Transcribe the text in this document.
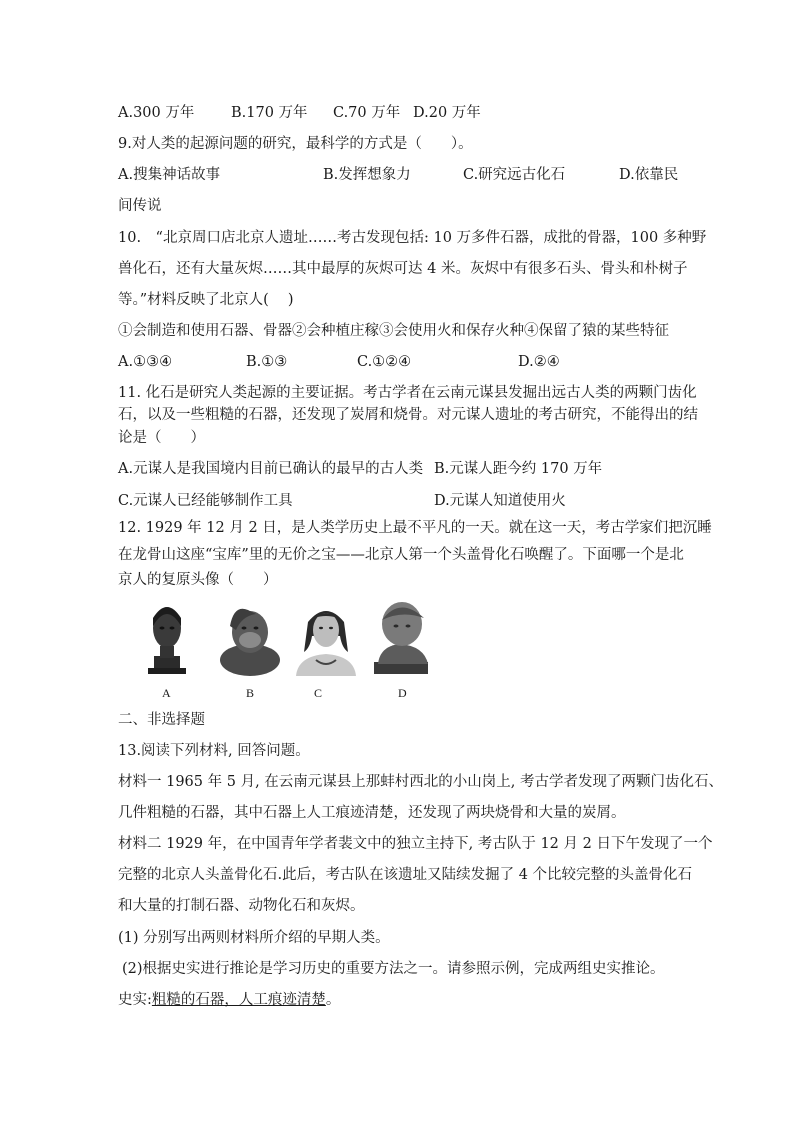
A.300 万年	B.170 万年 C.70 万年 D.20 万年
9.对人类的起源问题的研究，最科学的方式是（　　）。
A.搜集神话故事	B.发挥想象力	C.研究远古化石	D.依靠民
间传说
10.　“北京周口店北京人遗址……考古发现包括: 10 万多件石器，成批的骨器，100 多种野
兽化石，还有大量灰烬……其中最厚的灰烬可达 4 米。灰烬中有很多石头、骨头和朴树子
等。”材料反映了北京人(　 )
①会制造和使用石器、骨器②会种植庄稼③会使用火和保存火种④保留了猿的某些特征
A.①③④	B.①③	C.①②④	D.②④
11. 化石是研究人类起源的主要证据。考古学者在云南元谋县发掘出远古人类的两颗门齿化
石，以及一些粗糙的石器，还发现了炭屑和烧骨。对元谋人遗址的考古研究，不能得出的结
论是（　　）
A.元谋人是我国境内目前已确认的最早的古人类 B.元谋人距今约 170 万年
C.元谋人已经能够制作工具	D.元谋人知道使用火
12. 1929 年 12 月 2 日，是人类学历史上最不平凡的一天。就在这一天，考古学家们把沉睡
在龙骨山这座“宝库”里的无价之宝——北京人第一个头盖骨化石唤醒了。下面哪一个是北
京人的复原头像（　　）
A	B	C	D
二、非选择题
13.阅读下列材料, 回答问题。
材料一 1965 年 5 月, 在云南元谋县上那蚌村西北的小山岗上, 考古学者发现了两颗门齿化石、
几件粗糙的石器，其中石器上人工痕迹清楚，还发现了两块烧骨和大量的炭屑。
材料二 1929 年，在中国青年学者裴文中的独立主持下, 考古队于 12 月 2 日下午发现了一个
完整的北京人头盖骨化石.此后，考古队在该遗址又陆续发掘了 4 个比较完整的头盖骨化石
和大量的打制石器、动物化石和灰烬。
(1) 分别写出两则材料所介绍的早期人类。
(2)根据史实进行推论是学习历史的重要方法之一。请参照示例，完成两组史实推论。
史实:粗糙的石器，人工痕迹清楚。
